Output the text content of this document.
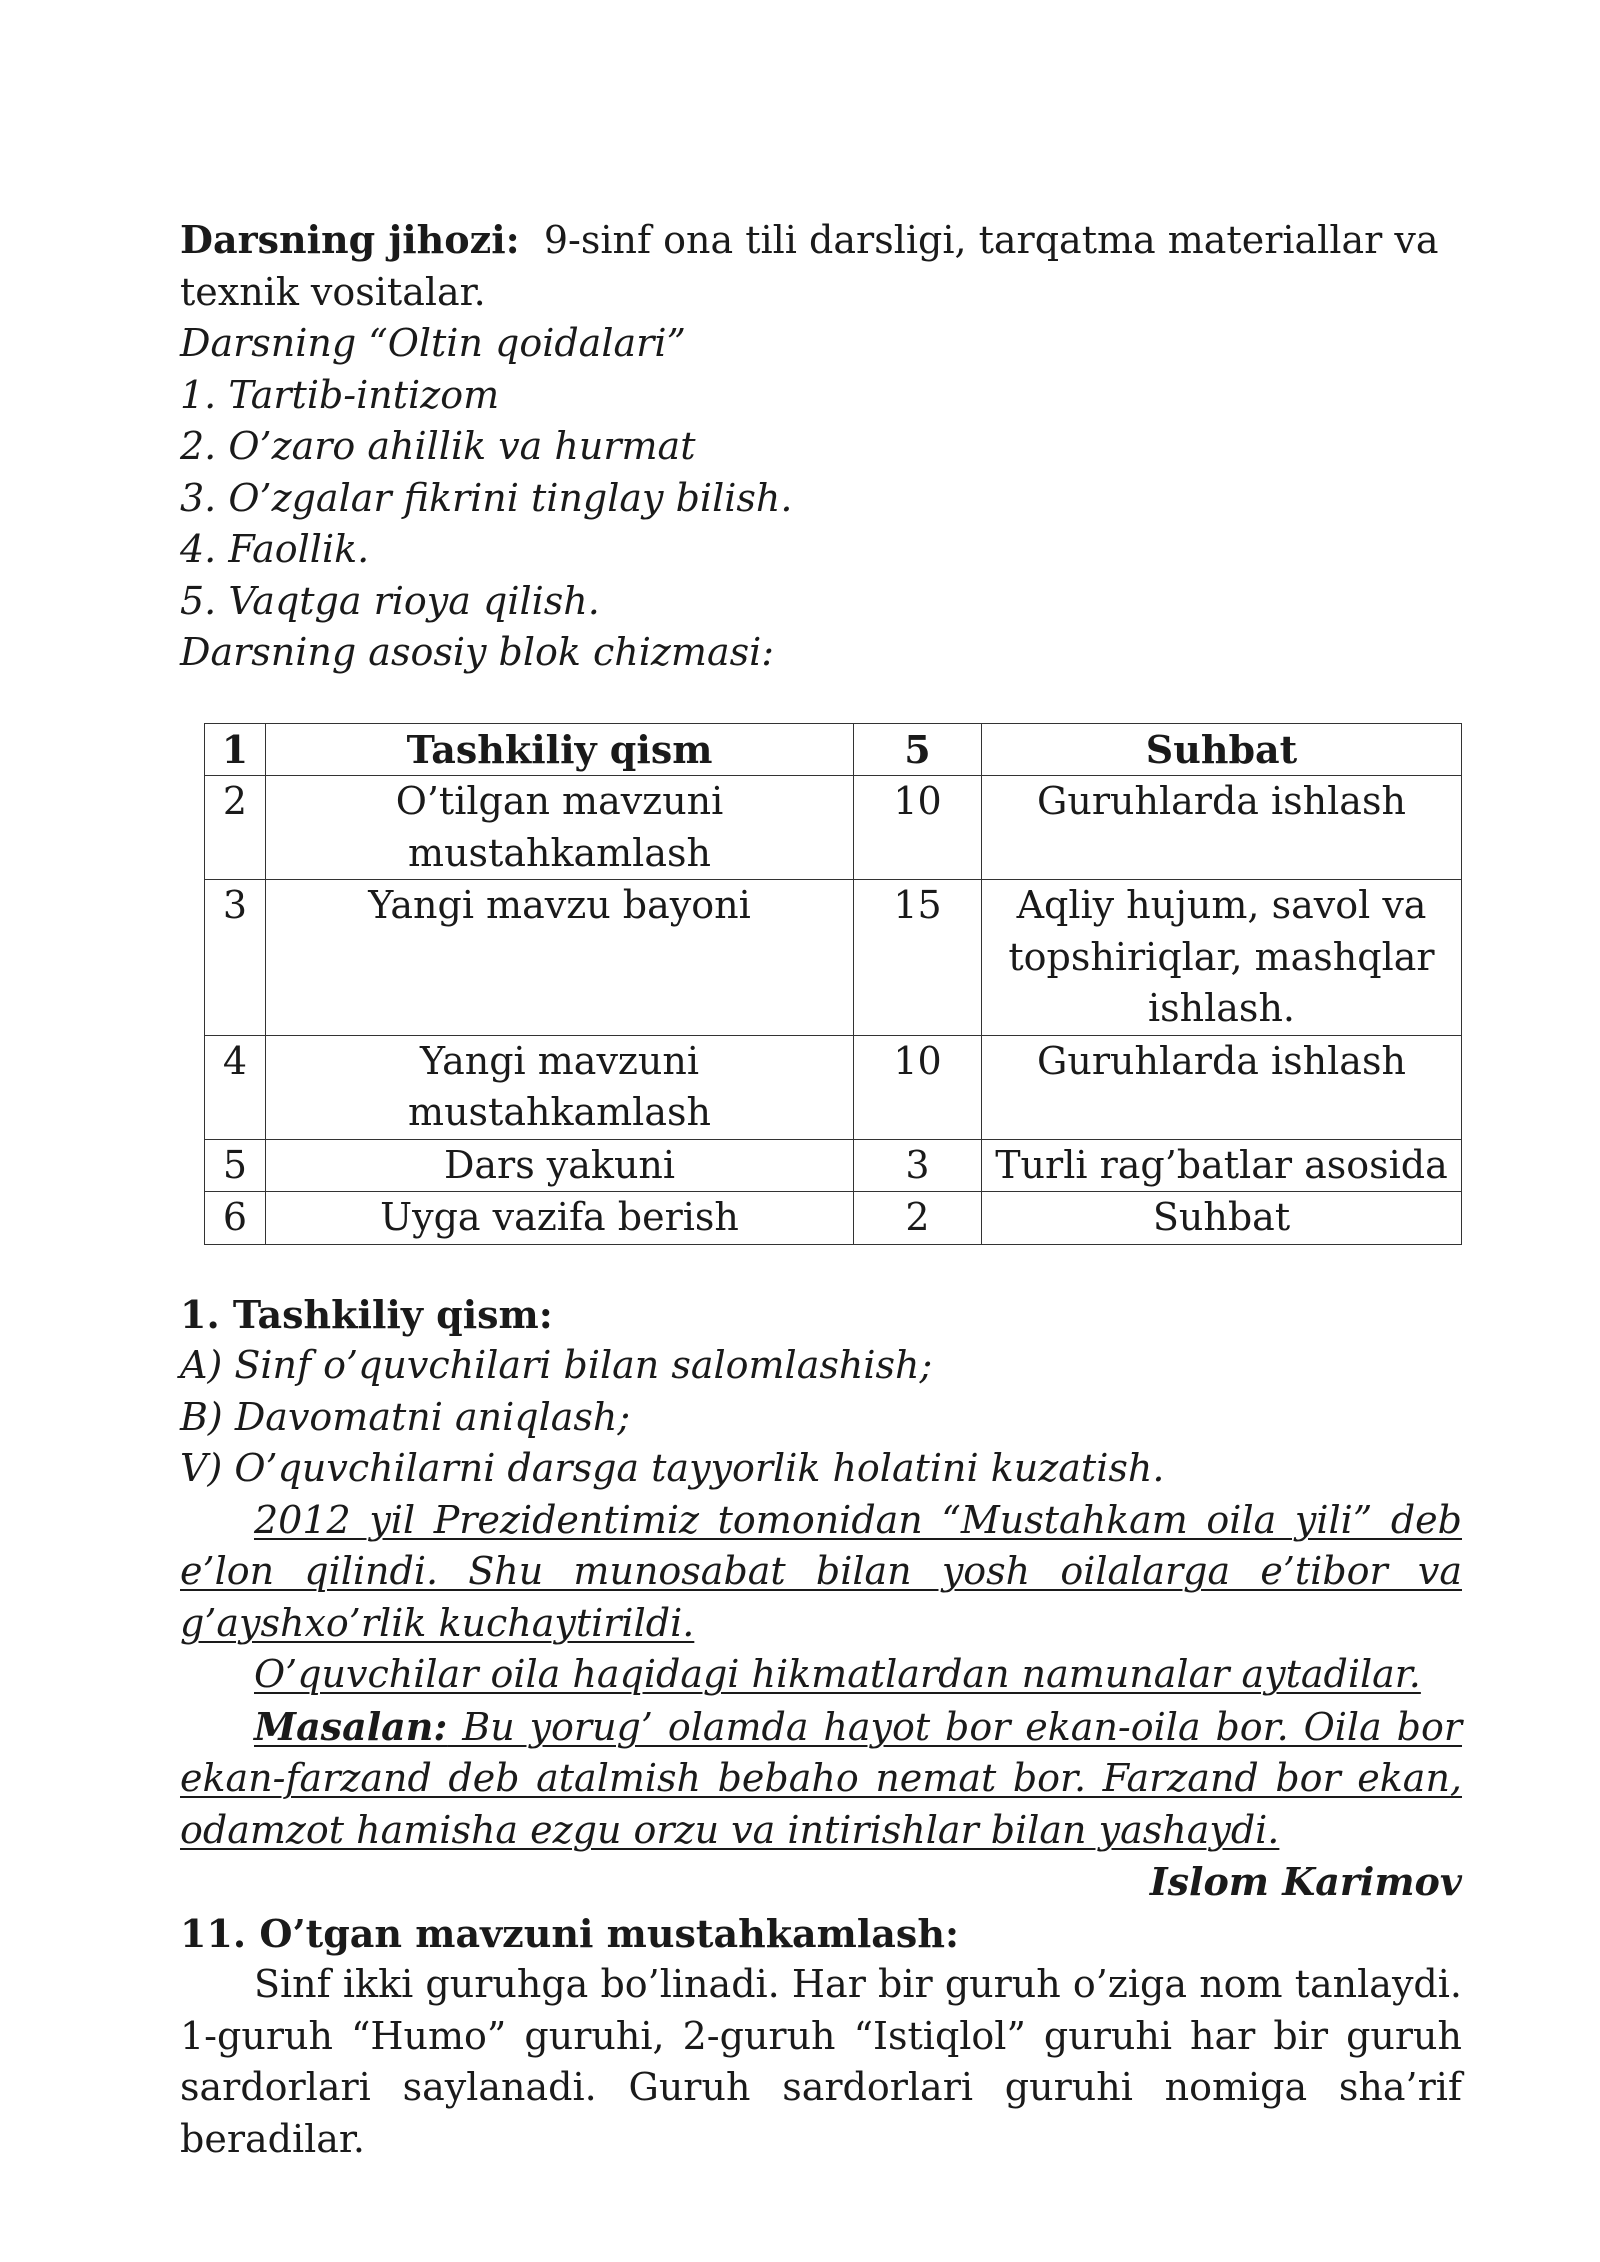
Darsning jihozi: 9-sinf ona tili darsligi, tarqatma materiallar va texnik vositalar.

Darsning “Oltin qoidalari”

1. Tartib-intizom

2. O’zaro ahillik va hurmat

3. O’zgalar fikrini tinglay bilish.

4. Faollik.

5. Vaqtga rioya qilish.

Darsning asosiy blok chizmasi:

1	Tashkiliy qism	5	Suhbat
2	O’tilgan mavzuni mustahkamlash	10	Guruhlarda ishlash
3	Yangi mavzu bayoni	15	Aqliy hujum, savol va topshiriqlar, mashqlar ishlash.
4	Yangi mavzuni mustahkamlash	10	Guruhlarda ishlash
5	Dars yakuni	3	Turli rag’batlar asosida
6	Uyga vazifa berish	2	Suhbat

1. Tashkiliy qism:

A) Sinf o’quvchilari bilan salomlashish;

B) Davomatni aniqlash;

V) O’quvchilarni darsga tayyorlik holatini kuzatish.

2012 yil Prezidentimiz tomonidan “Mustahkam oila yili” deb e’lon qilindi. Shu munosabat bilan yosh oilalarga e’tibor va g’ayshxo’rlik kuchaytirildi.

O’quvchilar oila haqidagi hikmatlardan namunalar aytadilar.

Masalan: Bu yorug’ olamda hayot bor ekan-oila bor. Oila bor ekan-farzand deb atalmish bebaho nemat bor. Farzand bor ekan, odamzot hamisha ezgu orzu va intirishlar bilan yashaydi.

Islom Karimov

11. O’tgan mavzuni mustahkamlash:

Sinf ikki guruhga bo’linadi. Har bir guruh o’ziga nom tanlaydi. 1-guruh “Humo” guruhi, 2-guruh “Istiqlol” guruhi har bir guruh sardorlari saylanadi. Guruh sardorlari guruhi nomiga sha’rif beradilar.
